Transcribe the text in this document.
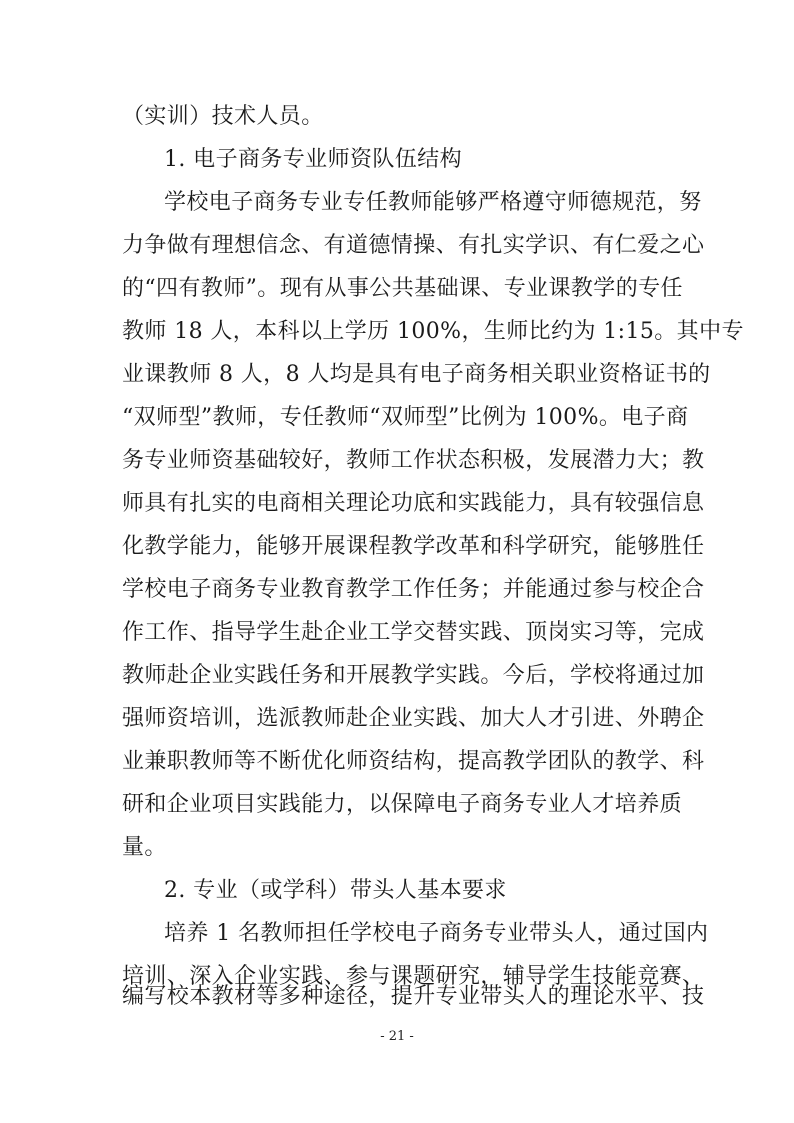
（实训）技术人员。
1. 电子商务专业师资队伍结构
学校电子商务专业专任教师能够严格遵守师德规范，努
力争做有理想信念、有道德情操、有扎实学识、有仁爱之心
的“四有教师”。现有从事公共基础课、专业课教学的专任
教师 18 人，本科以上学历 100%，生师比约为 1:15。其中专
业课教师 8 人，8 人均是具有电子商务相关职业资格证书的
“双师型”教师，专任教师“双师型”比例为 100%。电子商
务专业师资基础较好，教师工作状态积极，发展潜力大；教
师具有扎实的电商相关理论功底和实践能力，具有较强信息
化教学能力，能够开展课程教学改革和科学研究，能够胜任
学校电子商务专业教育教学工作任务；并能通过参与校企合
作工作、指导学生赴企业工学交替实践、顶岗实习等，完成
教师赴企业实践任务和开展教学实践。今后，学校将通过加
强师资培训，选派教师赴企业实践、加大人才引进、外聘企
业兼职教师等不断优化师资结构，提高教学团队的教学、科
研和企业项目实践能力，以保障电子商务专业人才培养质
量。
2. 专业（或学科）带头人基本要求
培养 1 名教师担任学校电子商务专业带头人，通过国内
培训、深入企业实践、参与课题研究，辅导学生技能竞赛、
编写校本教材等多种途径，提升专业带头人的理论水平、技
- 21 -
